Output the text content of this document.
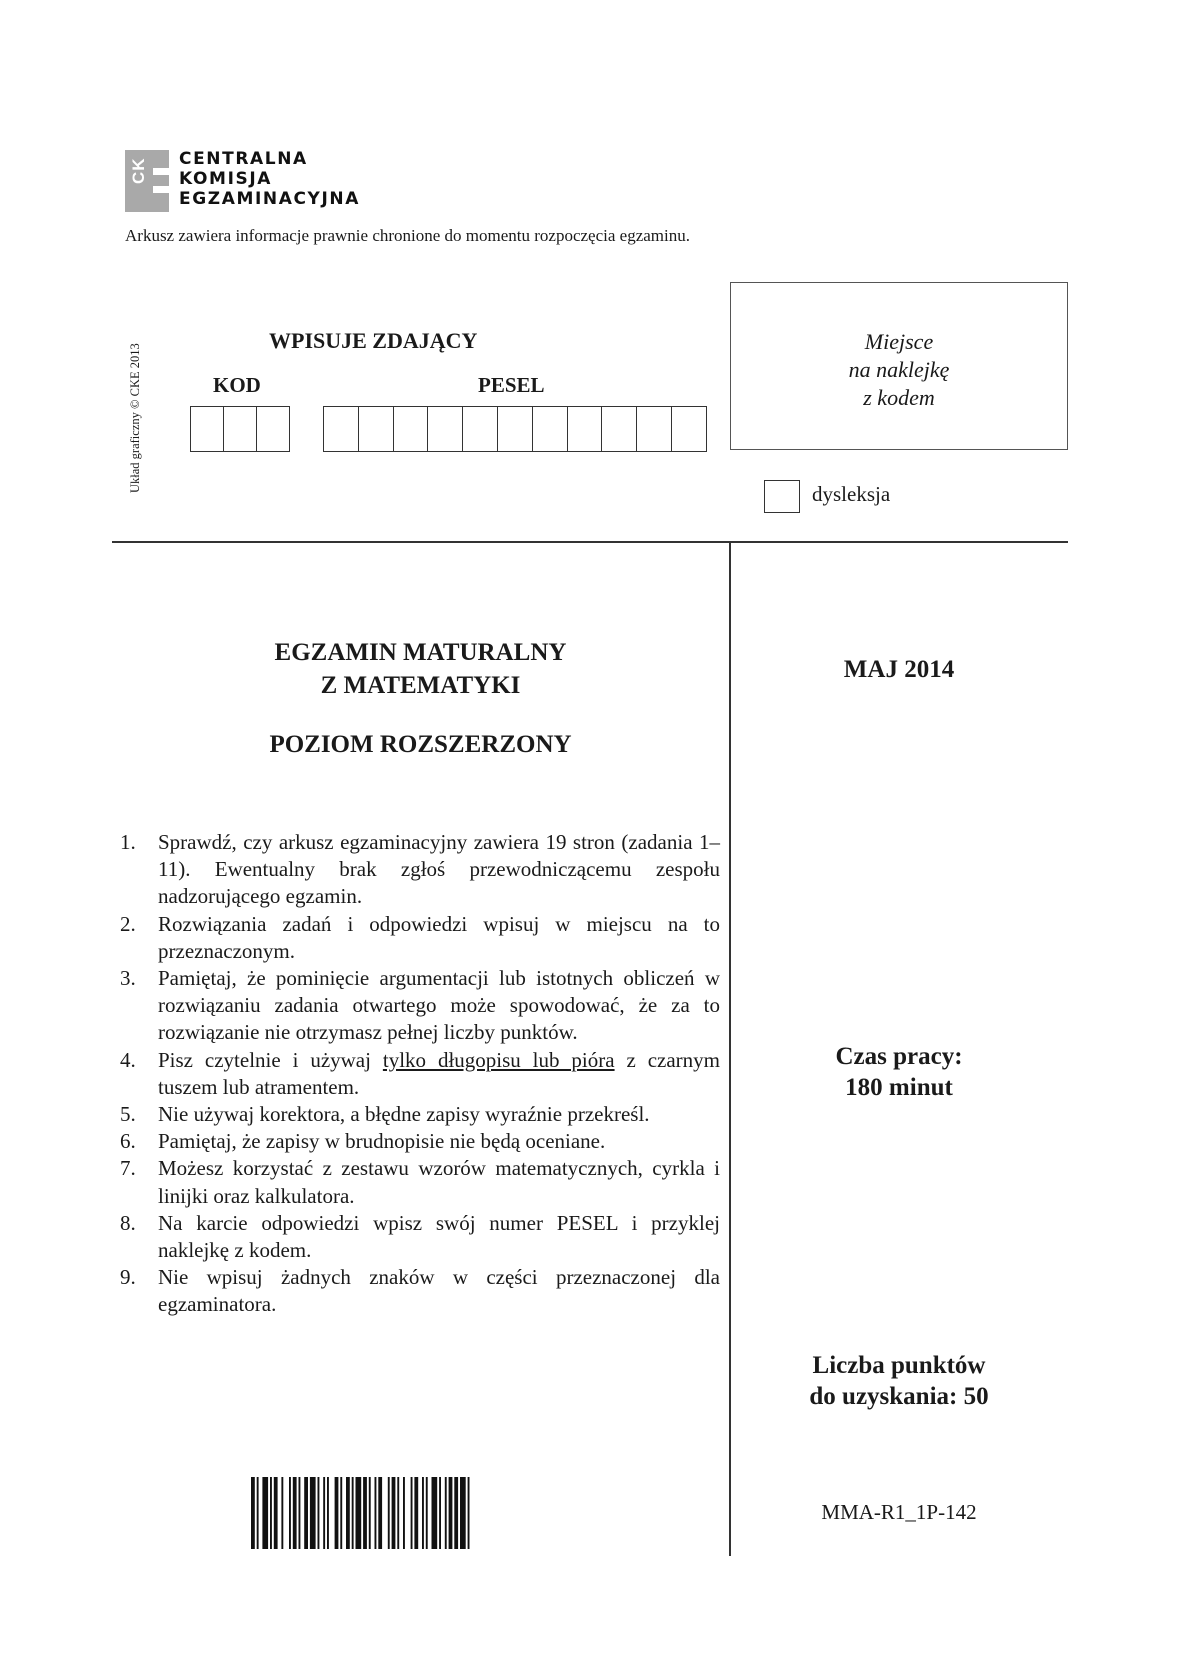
CK CENTRALNA
KOMISJA
EGZAMINACYJNA
Arkusz zawiera informacje prawnie chronione do momentu rozpoczęcia egzaminu.
Układ graficzny © CKE 2013
WPISUJE ZDAJĄCY
KOD	PESEL
Miejsce
na naklejkę
z kodem
dysleksja
EGZAMIN MATURALNY
Z MATEMATYKI
POZIOM ROZSZERZONY
MAJ 2014
Czas pracy:
180 minut
Liczba punktów
do uzyskania: 50
MMA-R1_1P-142
1.	Sprawdź, czy arkusz egzaminacyjny zawiera 19 stron (zadania 1–11). Ewentualny brak zgłoś przewodniczącemu zespołu nadzorującego egzamin.
2.	Rozwiązania zadań i odpowiedzi wpisuj w miejscu na to przeznaczonym.
3.	Pamiętaj, że pominięcie argumentacji lub istotnych obliczeń w rozwiązaniu zadania otwartego może spowodować, że za to rozwiązanie nie otrzymasz pełnej liczby punktów.
4.	Pisz czytelnie i używaj tylko długopisu lub pióra z czarnym tuszem lub atramentem.
5.	Nie używaj korektora, a błędne zapisy wyraźnie przekreśl.
6.	Pamiętaj, że zapisy w brudnopisie nie będą oceniane.
7.	Możesz korzystać z zestawu wzorów matematycznych, cyrkla i linijki oraz kalkulatora.
8.	Na karcie odpowiedzi wpisz swój numer PESEL i przyklej naklejkę z kodem.
9.	Nie wpisuj żadnych znaków w części przeznaczonej dla egzaminatora.
